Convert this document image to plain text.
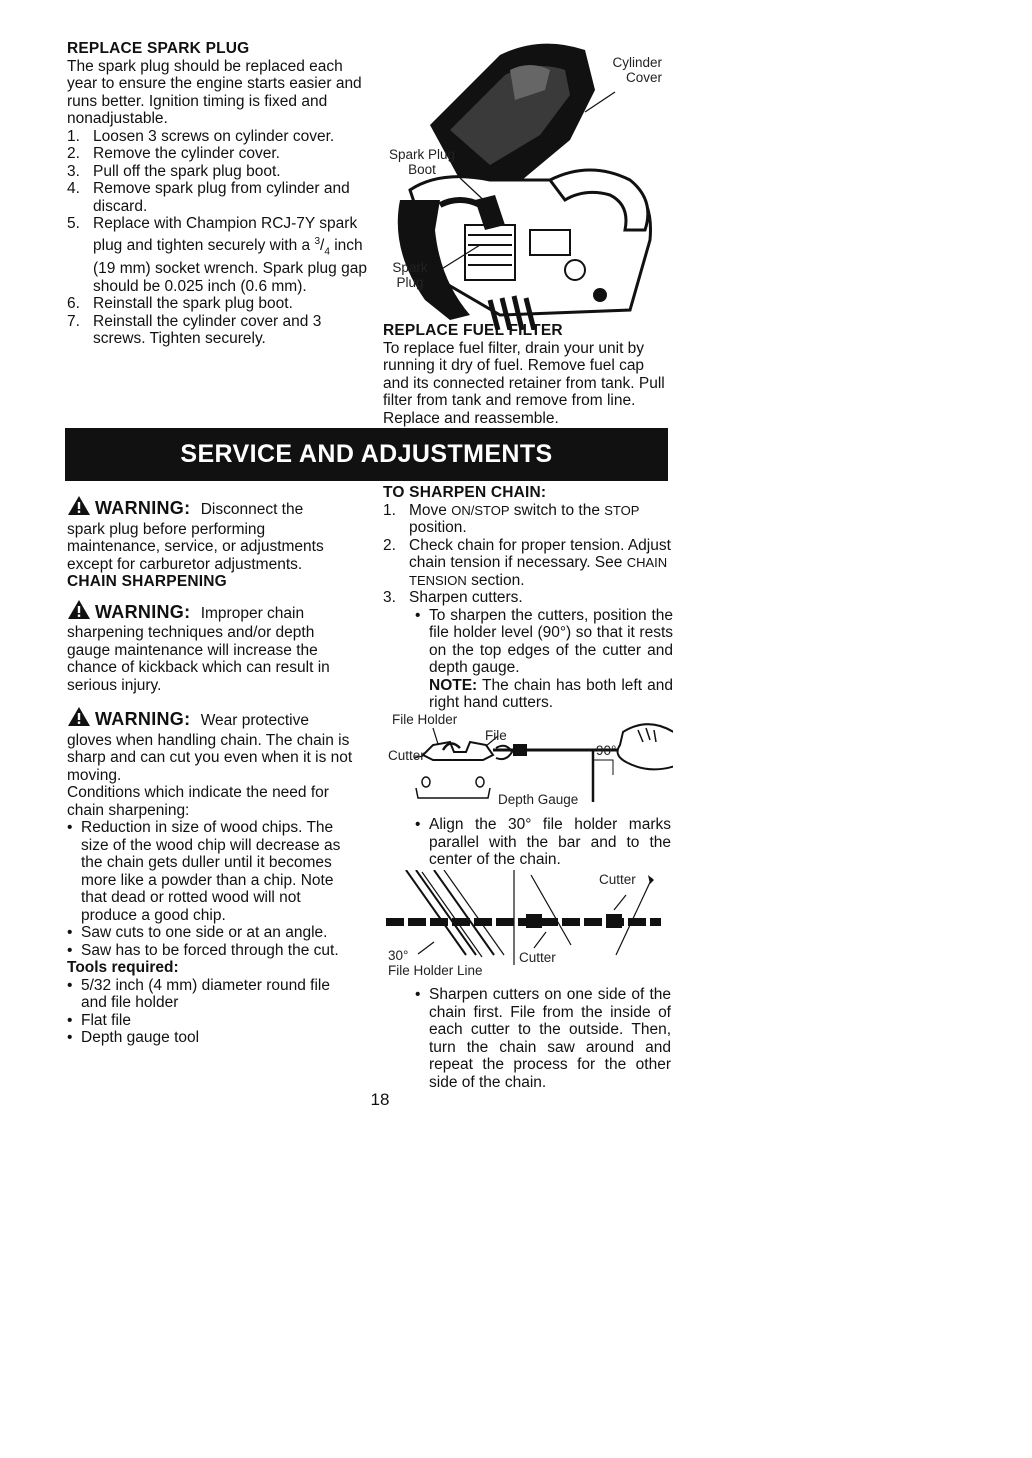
REPLACE SPARK PLUG

The spark plug should be replaced each year to ensure the engine starts easier and runs better. Ignition timing is fixed and nonadjustable.

1. Loosen 3 screws on cylinder cover.
2. Remove the cylinder cover.
3. Pull off the spark plug boot.
4. Remove spark plug from cylinder and discard.
5. Replace with Champion RCJ-7Y spark plug and tighten securely with a $^3/_4$ inch (19 mm) socket wrench. Spark plug gap should be 0.025 inch (0.6 mm).
6. Reinstall the spark plug boot.
7. Reinstall the cylinder cover and 3 screws. Tighten securely.
Cylinder Cover
Spark Plug Boot
Spark Plug
REPLACE FUEL FILTER

To replace fuel filter, drain your unit by running it dry of fuel. Remove fuel cap and its connected retainer from tank. Pull filter from tank and remove from line. Replace and reassemble.

SERVICE AND ADJUSTMENTS
WARNING: Disconnect the

spark plug before performing maintenance, service, or adjustments except for carburetor adjustments.

CHAIN SHARPENING
WARNING: Improper chain

sharpening techniques and/or depth gauge maintenance will increase the chance of kickback which can result in serious injury.

WARNING: Wear protective

gloves when handling chain. The chain is sharp and can cut you even when it is not moving.

Conditions which indicate the need for chain sharpening:

• Reduction in size of wood chips. The size of the wood chip will decrease as the chain gets duller until it becomes more like a powder than a chip. Note that dead or rotted wood will not produce a good chip.
• Saw cuts to one side or at an angle.
• Saw has to be forced through the cut.
Tools required:
• 5/32 inch (4 mm) diameter round file and file holder
• Flat file
• Depth gauge tool
TO SHARPEN CHAIN:
1. Move ON/STOP switch to the STOP position.
2. Check chain for proper tension. Adjust chain tension if necessary. See CHAIN TENSION section.
3. Sharpen cutters.
• To sharpen the cutters, position the file holder level (90°) so that it rests on the top edges of the cutter and depth gauge.

NOTE: The chain has both left and right hand cutters.

File Holder
File
Cutter	90°
Depth Gauge
• Align the 30° file holder marks parallel with the bar and to the center of the chain.
Cutter
30°
File Holder Line
Cutter
• Sharpen cutters on one side of the chain first. File from the inside of each cutter to the outside. Then, turn the chain saw around and repeat the process for the other side of the chain.
18
